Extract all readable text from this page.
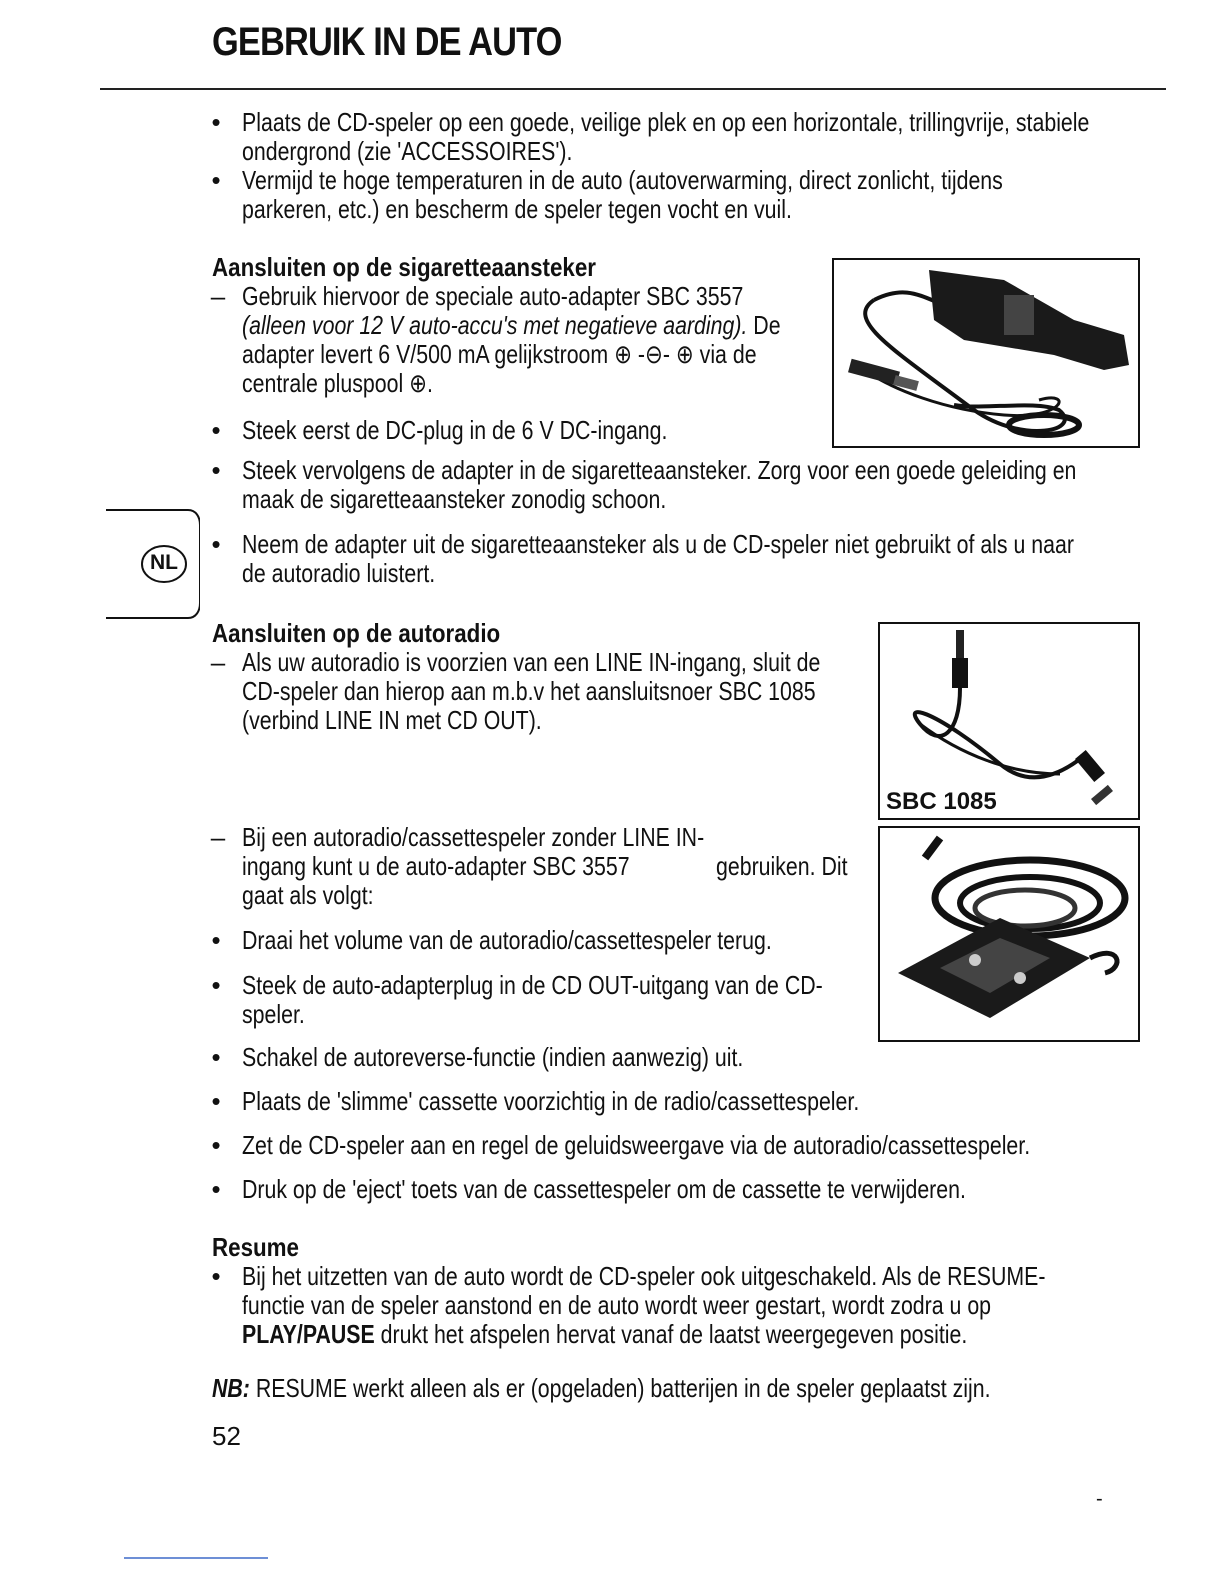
GEBRUIK IN DE AUTO
• Plaats de CD-speler op een goede, veilige plek en op een horizontale, trillingvrije, stabiele
ondergrond (zie 'ACCESSOIRES').
• Vermijd te hoge temperaturen in de auto (autoverwarming, direct zonlicht, tijdens
parkeren, etc.) en bescherm de speler tegen vocht en vuil.
Aansluiten op de sigaretteaansteker
– Gebruik hiervoor de speciale auto-adapter SBC 3557
(alleen voor 12 V auto-accu's met negatieve aarding). De
adapter levert 6 V/500 mA gelijkstroom ⊕ -⊖- ⊕ via de
centrale pluspool ⊕.
• Steek eerst de DC-plug in de 6 V DC-ingang.
• Steek vervolgens de adapter in de sigaretteaansteker. Zorg voor een goede geleiding en
maak de sigaretteaansteker zonodig schoon.
NL
• Neem de adapter uit de sigaretteaansteker als u de CD-speler niet gebruikt of als u naar
de autoradio luistert.
Aansluiten op de autoradio
– Als uw autoradio is voorzien van een LINE IN-ingang, sluit de
CD-speler dan hierop aan m.b.v het aansluitsnoer SBC 1085
(verbind LINE IN met CD OUT).
SBC 1085
– Bij een autoradio/cassettespeler zonder LINE IN-
ingang kunt u de auto-adapter SBC 3557	gebruiken. Dit
gaat als volgt:
• Draai het volume van de autoradio/cassettespeler terug.
• Steek de auto-adapterplug in de CD OUT-uitgang van de CD-
speler.
• Schakel de autoreverse-functie (indien aanwezig) uit.
• Plaats de 'slimme' cassette voorzichtig in de radio/cassettespeler.
• Zet de CD-speler aan en regel de geluidsweergave via de autoradio/cassettespeler.
• Druk op de 'eject' toets van de cassettespeler om de cassette te verwijderen.
Resume
• Bij het uitzetten van de auto wordt de CD-speler ook uitgeschakeld. Als de RESUME-
functie van de speler aanstond en de auto wordt weer gestart, wordt zodra u op
PLAY/PAUSE drukt het afspelen hervat vanaf de laatst weergegeven positie.
NB: RESUME werkt alleen als er (opgeladen) batterijen in de speler geplaatst zijn.
52
-
